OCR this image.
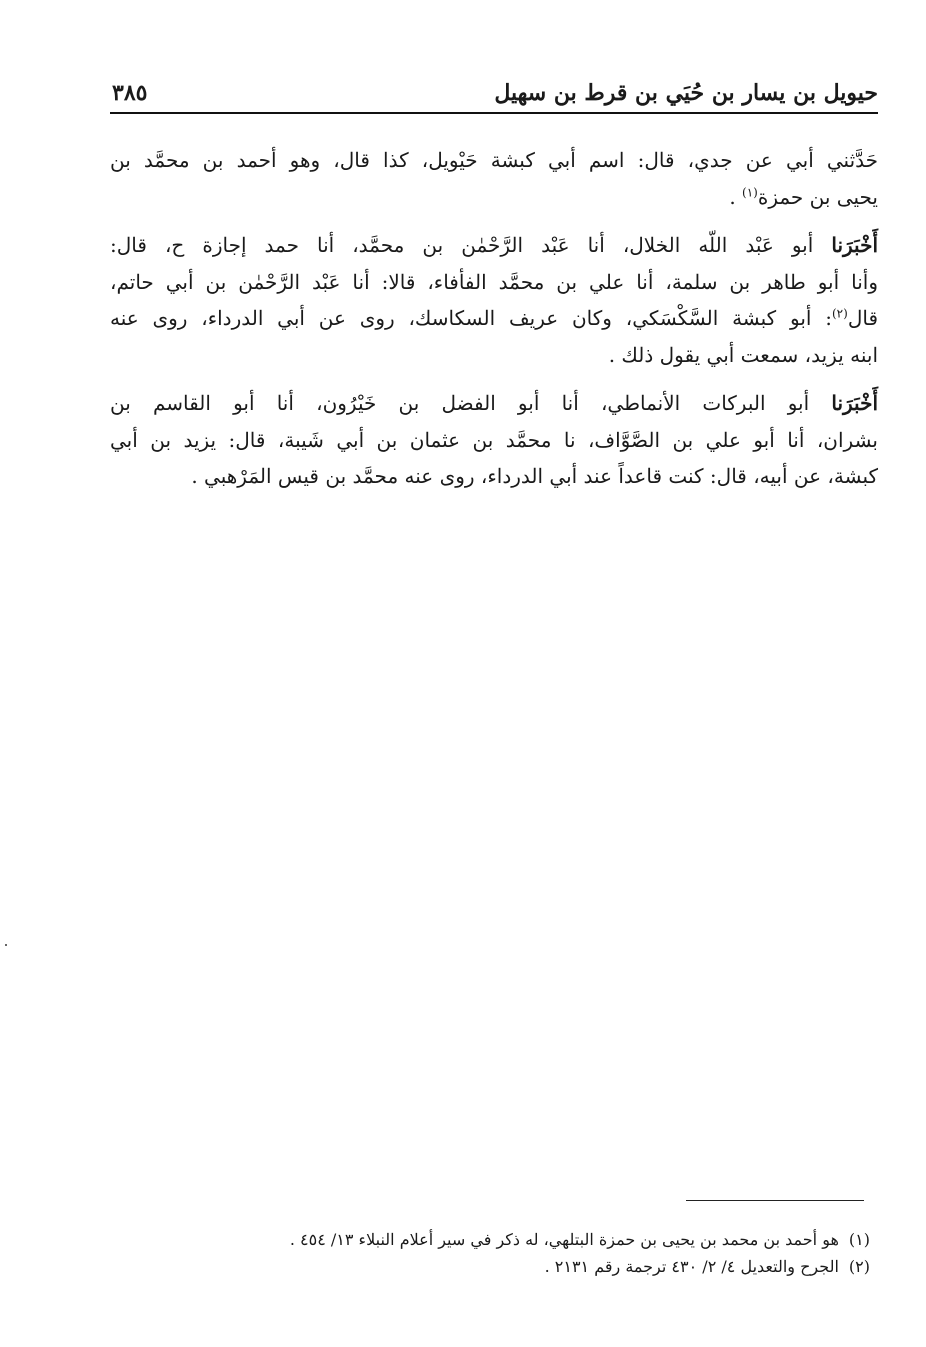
حيويل بن يسار بن حُيَي بن قرط بن سهيل
٣٨٥

حَدَّثني أبي عن جدي، قال: اسم أبي كبشة حَيْويل، كذا قال، وهو أحمد بن محمَّد بن
يحيى بن حمزة$^{(١)}$ .

أَخْبَرَنا أبو عَبْد اللّه الخلال، أنا عَبْد الرَّحْمٰن بن محمَّد، أنا حمد إجازة ح، قال:
وأنا أبو طاهر بن سلمة، أنا علي بن محمَّد الفأفاء، قالا: أنا عَبْد الرَّحْمٰن بن أبي حاتم،
قال$^{(٢)}$: أبو كبشة السَّكْسَكي، وكان عريف السكاسك، روى عن أبي الدرداء، روى عنه
ابنه يزيد، سمعت أبي يقول ذلك .

أَخْبَرَنا أبو البركات الأنماطي، أنا أبو الفضل بن خَيْرُون، أنا أبو القاسم بن
بشران، أنا أبو علي بن الصَّوَّاف، نا محمَّد بن عثمان بن أبي شَيبة، قال: يزيد بن أبي
كبشة، عن أبيه، قال: كنت قاعداً عند أبي الدرداء، روى عنه محمَّد بن قيس المَرْهبي .

(١)هو أحمد بن محمد بن يحيى بن حمزة البتلهي، له ذكر في سير أعلام النبلاء ١٣/ ٤٥٤ .
(٢)الجرح والتعديل ٤/ ٢/ ٤٣٠ ترجمة رقم ٢١٣١ .
